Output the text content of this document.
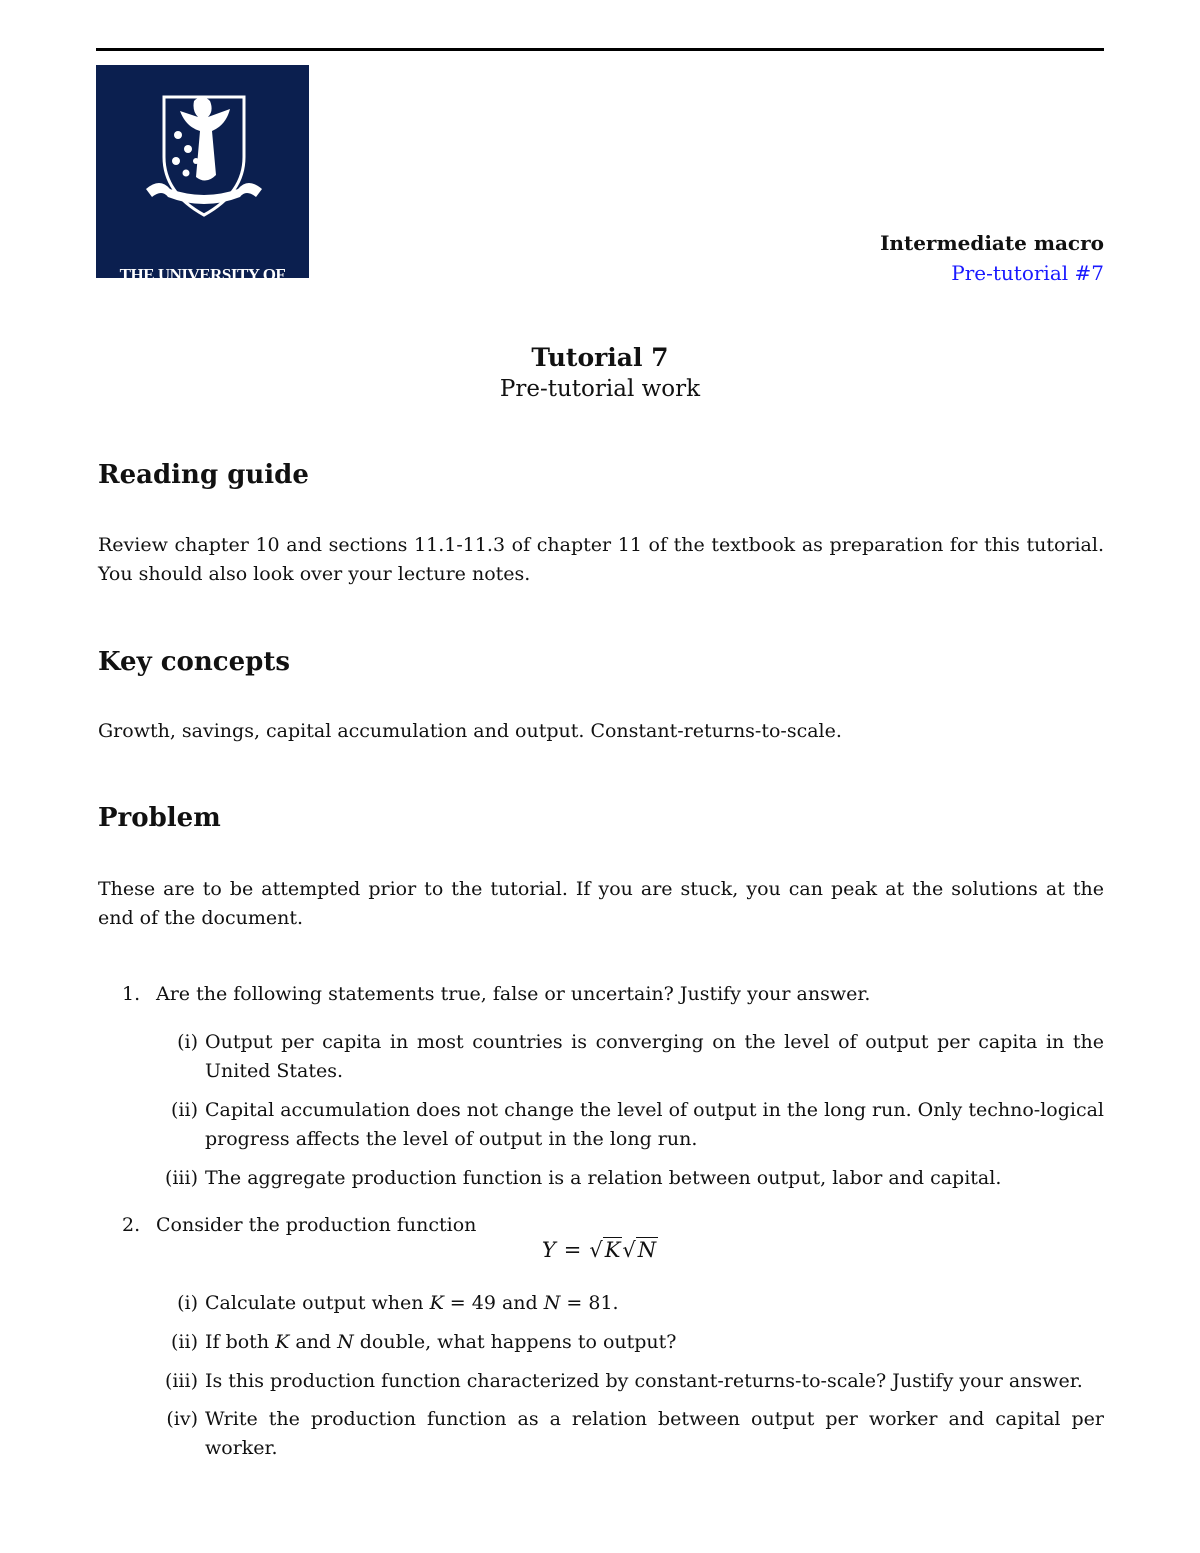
THE UNIVERSITY OF
MELBOURNE
Intermediate macro
Pre-tutorial #7
Tutorial 7
Pre-tutorial work
Reading guide

Review chapter 10 and sections 11.1-11.3 of chapter 11 of the textbook as preparation for this tutorial. You should also look over your lecture notes.

Key concepts

Growth, savings, capital accumulation and output. Constant-returns-to-scale.

Problem

These are to be attempted prior to the tutorial. If you are stuck, you can peak at the solutions at the end of the document.

1. Are the following statements true, false or uncertain? Justify your answer.
(i) Output per capita in most countries is converging on the level of output per capita in the United States.
(ii) Capital accumulation does not change the level of output in the long run. Only techno-logical progress affects the level of output in the long run.
(iii) The aggregate production function is a relation between output, labor and capital.
2. Consider the production function
Y = √K√N
(i) Calculate output when K = 49 and N = 81.
(ii) If both K and N double, what happens to output?
(iii) Is this production function characterized by constant-returns-to-scale? Justify your answer.
(iv) Write the production function as a relation between output per worker and capital per worker.
